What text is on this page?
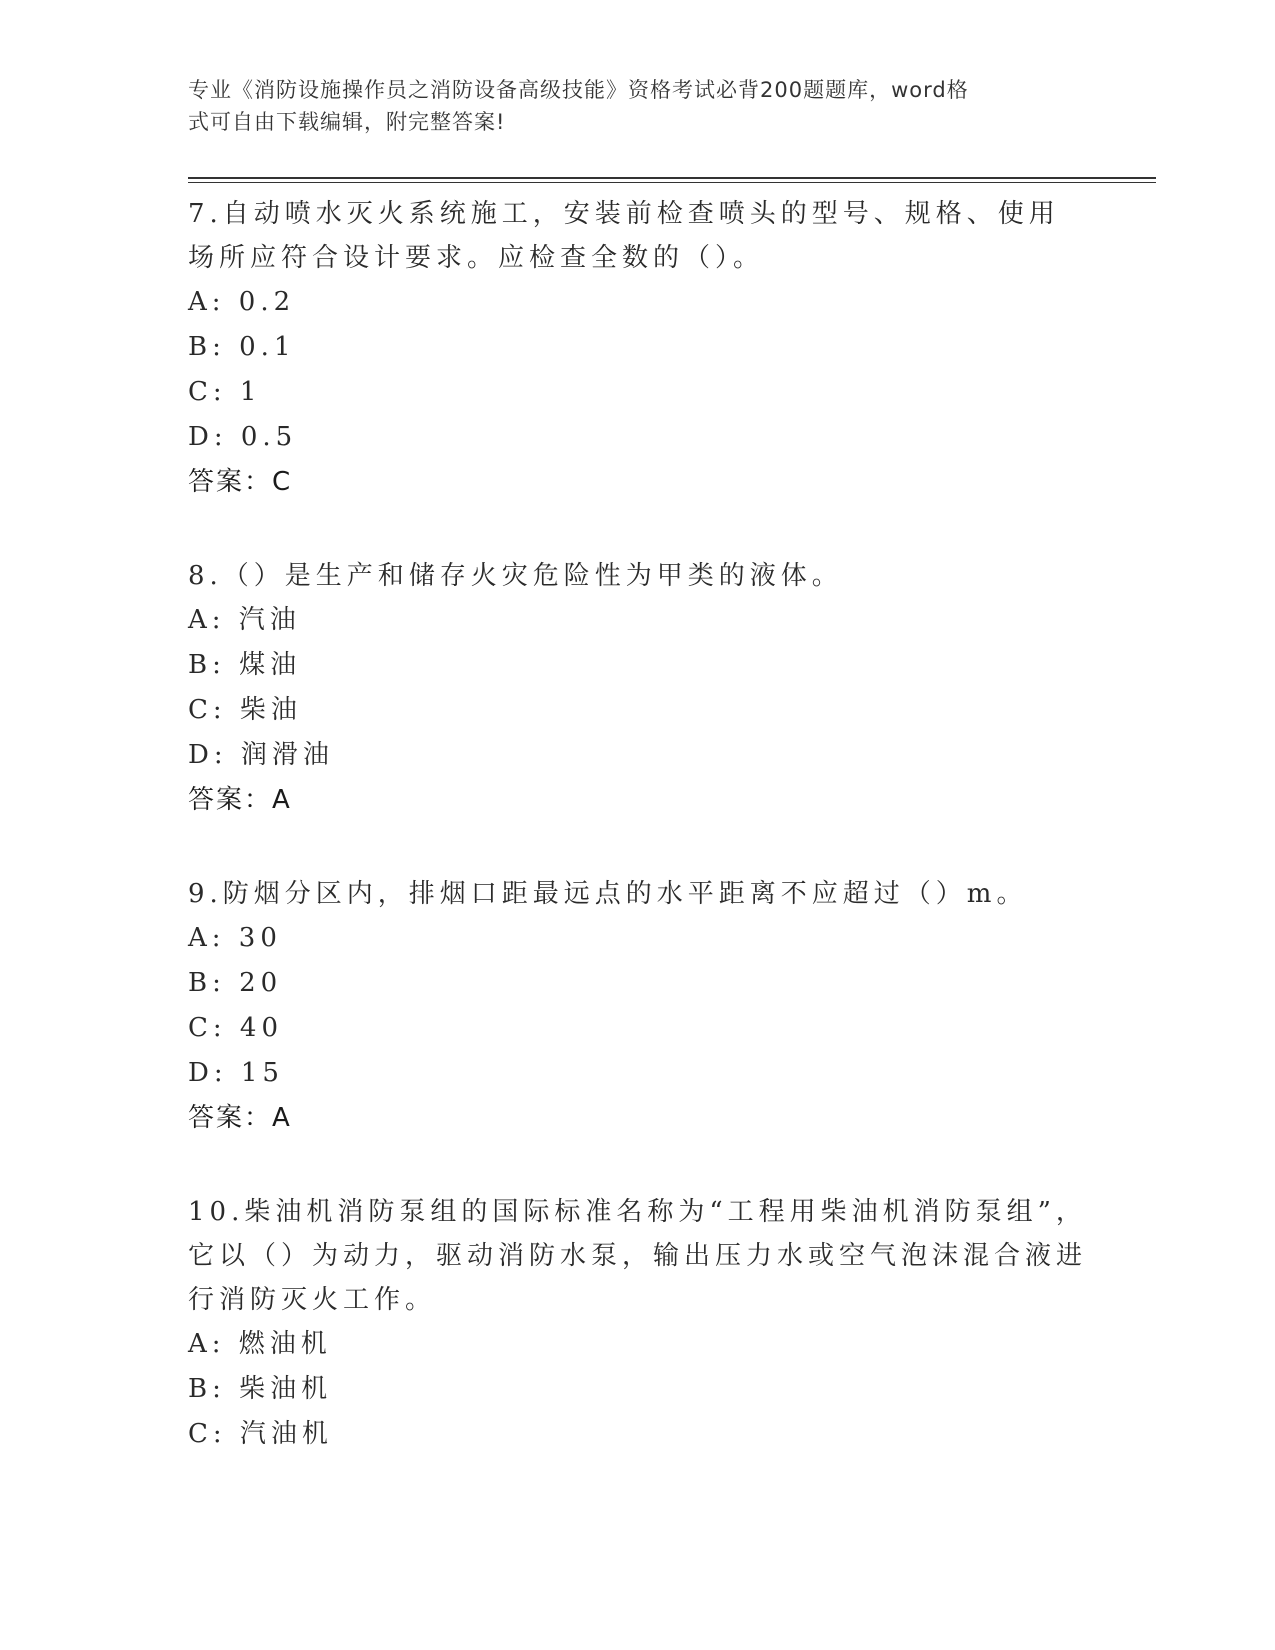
专业《消防设施操作员之消防设备高级技能》资格考试必背200题题库，word格
式可自由下载编辑，附完整答案!

7.自动喷水灭火系统施工，安装前检查喷头的型号、规格、使用场所应符合设计要求。应检查全数的（）。

A: 0.2

B: 0.1

C: 1

D: 0.5

答案：C

8.（）是生产和储存火灾危险性为甲类的液体。

A: 汽油

B: 煤油

C: 柴油

D: 润滑油

答案：A

9.防烟分区内，排烟口距最远点的水平距离不应超过（）m。

A: 30

B: 20

C: 40

D: 15

答案：A

10.柴油机消防泵组的国际标准名称为“工程用柴油机消防泵组”，它以（）为动力，驱动消防水泵，输出压力水或空气泡沫混合液进行消防灭火工作。

A: 燃油机

B: 柴油机

C: 汽油机
